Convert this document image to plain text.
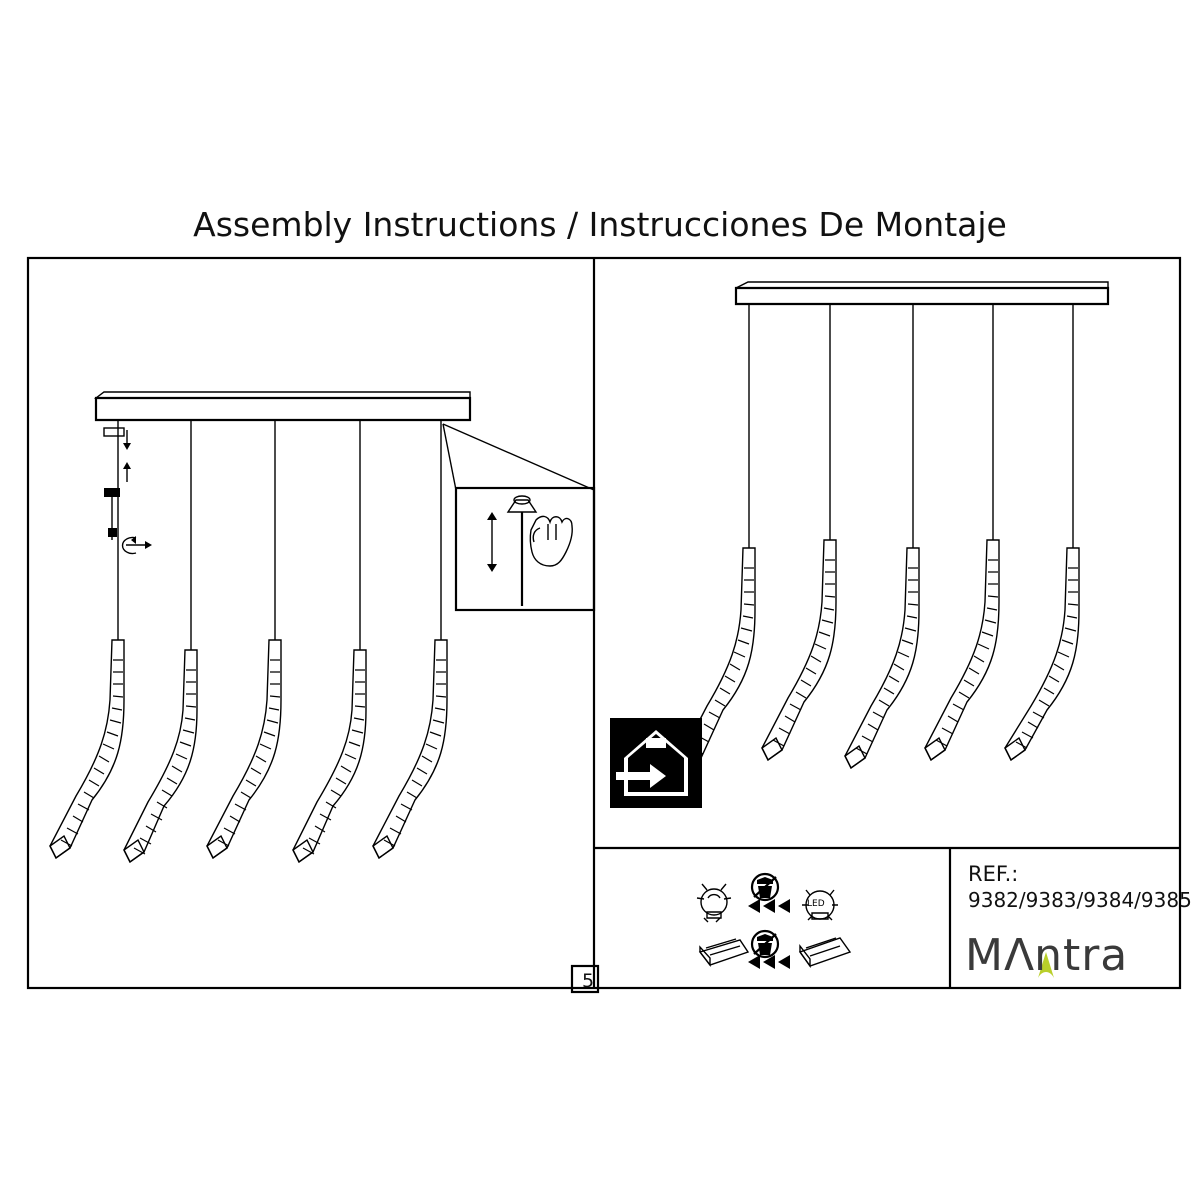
Assembly Instructions / Instrucciones De Montaje
LED
5
REF.:
9382/9383/9384/9385
MΛntra
